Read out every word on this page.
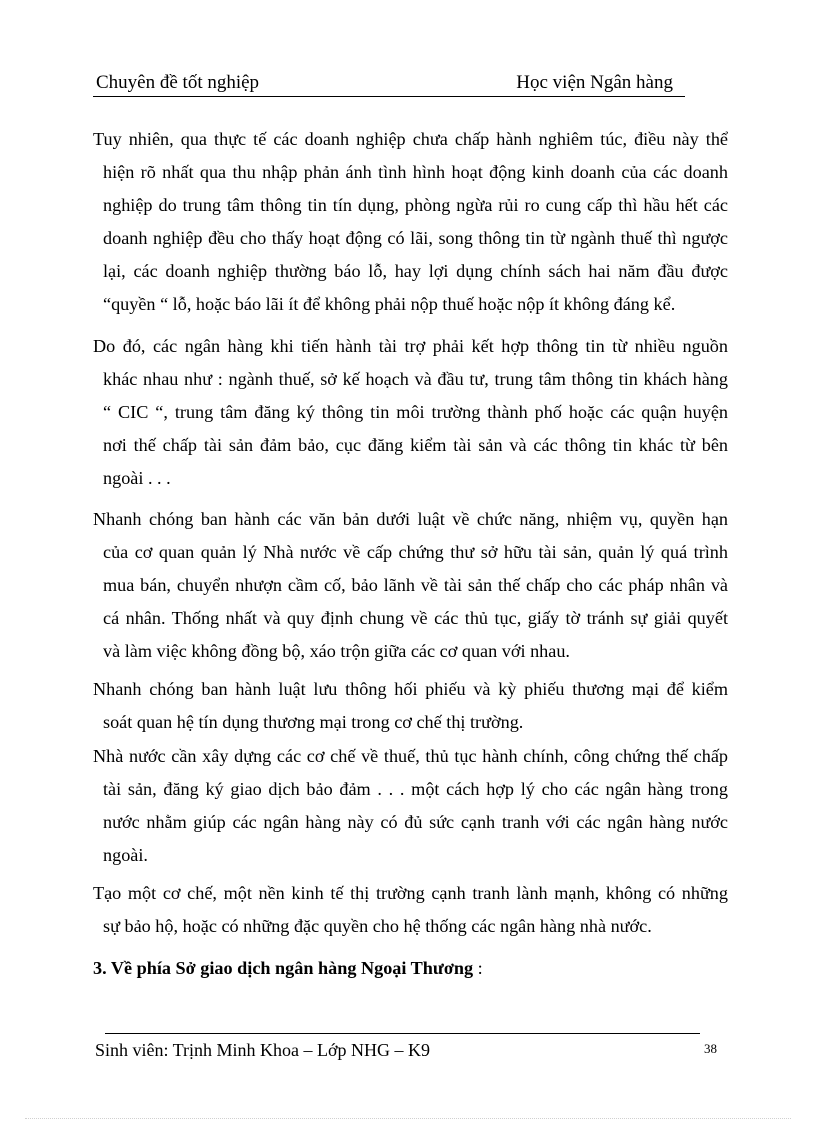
Chuyên đề tốt nghiệp	Học viện Ngân hàng
Tuy nhiên, qua thực tế các doanh nghiệp chưa chấp hành nghiêm túc, điều này thể
hiện rõ nhất qua thu nhập phản ánh tình hình hoạt động kinh doanh của các doanh
nghiệp do trung tâm thông tin tín dụng, phòng ngừa rủi ro cung cấp thì hầu hết các
doanh nghiệp đều cho thấy hoạt động có lãi, song thông tin từ ngành thuế thì ngược
lại, các doanh nghiệp thường báo lỗ, hay lợi dụng chính sách hai năm đầu được
“quyền “ lỗ, hoặc báo lãi ít để không phải nộp thuế hoặc nộp ít không đáng kể.
Do đó, các ngân hàng khi tiến hành tài trợ phải kết hợp thông tin từ nhiều nguồn
khác nhau như : ngành thuế, sở kế hoạch và đầu tư, trung tâm thông tin khách hàng
“ CIC “, trung tâm đăng ký thông tin môi trường thành phố hoặc các quận huyện
nơi thế chấp tài sản đảm bảo, cục đăng kiểm tài sản và các thông tin khác từ bên
ngoài . . .
Nhanh chóng ban hành các văn bản dưới luật về chức năng, nhiệm vụ, quyền hạn
của cơ quan quản lý Nhà nước về cấp chứng thư sở hữu tài sản, quản lý quá trình
mua bán, chuyển nhượn cầm cố, bảo lãnh về tài sản thế chấp cho các pháp nhân và
cá nhân. Thống nhất và quy định chung về các thủ tục, giấy tờ tránh sự giải quyết
và làm việc không đồng bộ, xáo trộn giữa các cơ quan với nhau.
Nhanh chóng ban hành luật lưu thông hối phiếu và kỳ phiếu thương mại để kiểm
soát quan hệ tín dụng thương mại trong cơ chế thị trường.
Nhà nước cần xây dựng các cơ chế về thuế, thủ tục hành chính, công chứng thế chấp
tài sản, đăng ký giao dịch bảo đảm . . . một cách hợp lý cho các ngân hàng trong
nước nhằm giúp các ngân hàng này có đủ sức cạnh tranh với các ngân hàng nước
ngoài.
Tạo một cơ chế, một nền kinh tế thị trường cạnh tranh lành mạnh, không có những
sự bảo hộ, hoặc có những đặc quyền cho hệ thống các ngân hàng nhà nước.
3. Về phía Sở giao dịch ngân hàng Ngoại Thương :
Sinh viên: Trịnh Minh Khoa – Lớp NHG – K9	38
